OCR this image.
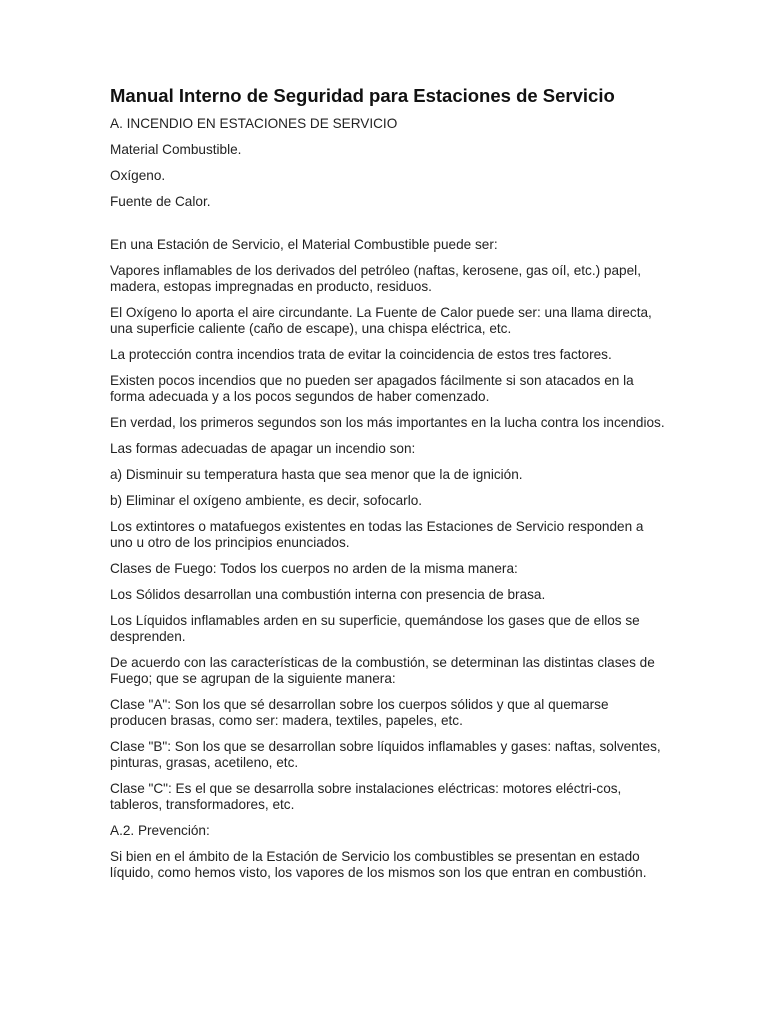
Manual Interno de Seguridad para Estaciones de Servicio

A. INCENDIO EN ESTACIONES DE SERVICIO

Material Combustible.

Oxígeno.

Fuente de Calor.

En una Estación de Servicio, el Material Combustible puede ser:

Vapores inflamables de los derivados del petróleo (naftas, kerosene, gas oíl, etc.) papel, madera, estopas impregnadas en producto, residuos.

El Oxígeno lo aporta el aire circundante. La Fuente de Calor puede ser: una llama directa, una superficie caliente (caño de escape), una chispa eléctrica, etc.

La protección contra incendios trata de evitar la coincidencia de estos tres factores.

Existen pocos incendios que no pueden ser apagados fácilmente si son atacados en la forma adecuada y a los pocos segundos de haber comenzado.

En verdad, los primeros segundos son los más importantes en la lucha contra los incendios.

Las formas adecuadas de apagar un incendio son:

a) Disminuir su temperatura hasta que sea menor que la de ignición.

b) Eliminar el oxígeno ambiente, es decir, sofocarlo.

Los extintores o matafuegos existentes en todas las Estaciones de Servicio responden a uno u otro de los principios enunciados.

Clases de Fuego: Todos los cuerpos no arden de la misma manera:

Los Sólidos desarrollan una combustión interna con presencia de brasa.

Los Líquidos inflamables arden en su superficie, quemándose los gases que de ellos se desprenden.

De acuerdo con las características de la combustión, se determinan las distintas clases de Fuego; que se agrupan de la siguiente manera:

Clase "A": Son los que sé desarrollan sobre los cuerpos sólidos y que al quemarse producen brasas, como ser: madera, textiles, papeles, etc.

Clase "B": Son los que se desarrollan sobre líquidos inflamables y gases: naftas, solventes, pinturas, grasas, acetileno, etc.

Clase "C": Es el que se desarrolla sobre instalaciones eléctricas: motores eléctri-cos, tableros, transformadores, etc.

A.2. Prevención:

Si bien en el ámbito de la Estación de Servicio los combustibles se presentan en estado líquido, como hemos visto, los vapores de los mismos son los que entran en combustión.
